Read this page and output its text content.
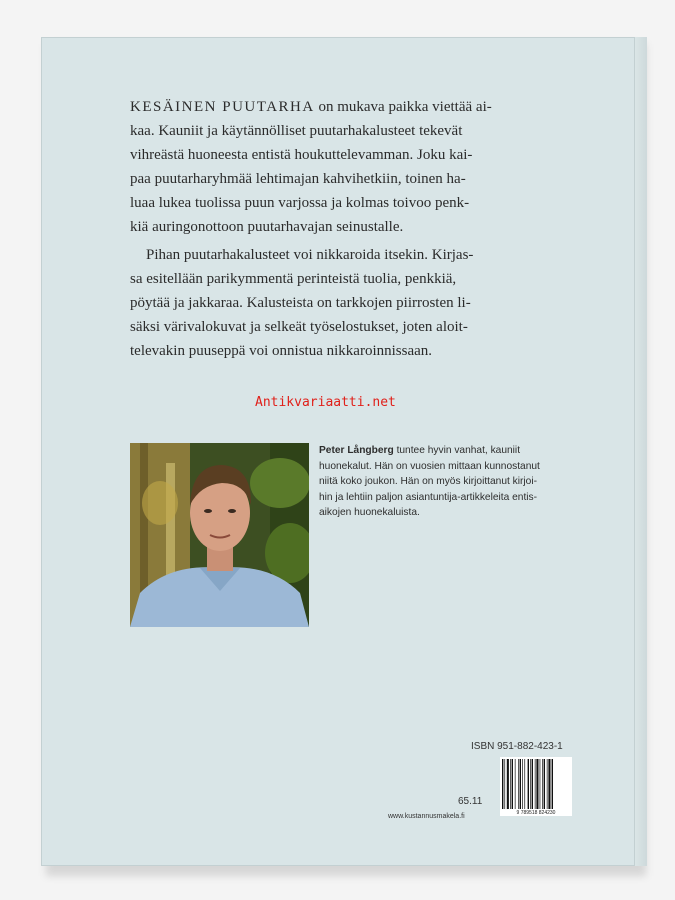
KESÄINEN PUUTARHA on mukava paikka viettää ai-
kaa. Kauniit ja käytännölliset puutarhakalusteet tekevät
vihreästä huoneesta entistä houkuttelevamman. Joku kai-
paa puutarharyhmää lehtimajan kahvihetkiin, toinen ha-
luaa lukea tuolissa puun varjossa ja kolmas toivoo penk-
kiä auringonottoon puutarhavajan seinustalle.

Pihan puutarhakalusteet voi nikkaroida itsekin. Kirjas-
sa esitellään parikymmentä perinteistä tuolia, penkkiä,
pöytää ja jakkaraa. Kalusteista on tarkkojen piirrosten li-
säksi värivalokuvat ja selkeät työselostukset, joten aloit-
televakin puuseppä voi onnistua nikkaroinnissaan.

Antikvariaatti.net
Peter Långberg tuntee hyvin vanhat, kauniit
huonekalut. Hän on vuosien mittaan kunnostanut
niitä koko joukon. Hän on myös kirjoittanut kirjoi-
hin ja lehtiin paljon asiantuntija-artikkeleita entis-
aikojen huonekaluista.
ISBN 951-882-423-1
9 789518 824230
65.11
www.kustannusmakela.fi
